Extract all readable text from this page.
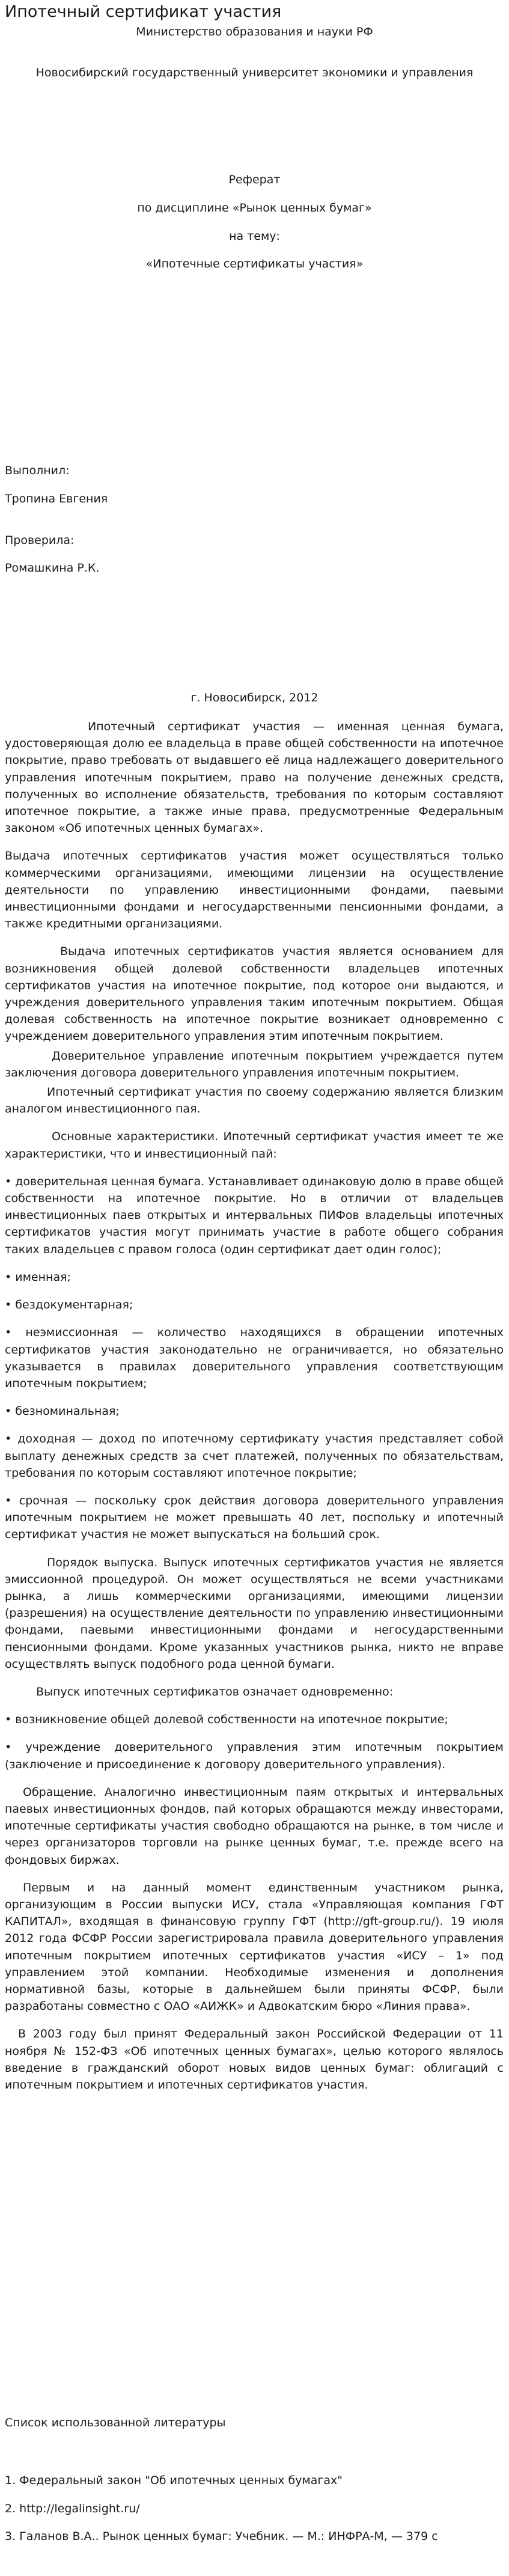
Ипотечный сертификат участия
Министерство образования и науки РФ
Новосибирский государственный университет экономики и управления
Реферат
по дисциплине «Рынок ценных бумаг»
на тему:
«Ипотечные сертификаты участия»
Выполнил:
Тропина Евгения
Проверила:
Ромашкина Р.К.
г. Новосибирск, 2012

Ипотечный сертификат участия — именная ценная бумага, удостоверяющая долю ее владельца в праве общей собственности на ипотечное покрытие, право требовать от выдавшего её лица надлежащего доверительного управления ипотечным покрытием, право на получение денежных средств, полученных во исполнение обязательств, требования по которым составляют ипотечное покрытие, а также иные права, предусмотренные Федеральным законом «Об ипотечных ценных бумагах».

Выдача ипотечных сертификатов участия может осуществляться только коммерческими организациями, имеющими лицензии на осуществление деятельности по управлению инвестиционными фондами, паевыми инвестиционными фондами и негосударственными пенсионными фондами, а также кредитными организациями.

Выдача ипотечных сертификатов участия является основанием для возникновения общей долевой собственности владельцев ипотечных сертификатов участия на ипотечное покрытие, под которое они выдаются, и учреждения доверительного управления таким ипотечным покрытием. Общая долевая собственность на ипотечное покрытие возникает одновременно с учреждением доверительного управления этим ипотечным покрытием.

Доверительное управление ипотечным покрытием учреждается путем заключения договора доверительного управления ипотечным покрытием.

Ипотечный сертификат участия по своему содержанию является близким аналогом инвестиционного пая.

Основные характеристики. Ипотечный сертификат участия имеет те же характеристики, что и инвестиционный пай:

• доверительная ценная бумага. Устанавливает одинаковую долю в праве общей собственности на ипотечное покрытие. Но в отличии от владельцев инвестиционных паев открытых и интервальных ПИФов владельцы ипотечных сертификатов участия могут принимать участие в работе общего собрания таких владельцев с правом голоса (один сертификат дает один голос);

• именная;

• бездокументарная;

• неэмиссионная — количество находящихся в обращении ипотечных сертификатов участия законодательно не ограничивается, но обязательно указывается в правилах доверительного управления соответствующим ипотечным покрытием;

• безноминальная;

• доходная — доход по ипотечному сертификату участия представляет собой выплату денежных средств за счет платежей, полученных по обязательствам, требования по которым составляют ипотечное покрытие;

• срочная — поскольку срок действия договора доверительного управления ипотечным покрытием не может превышать 40 лет, поспольку и ипотечный сертификат участия не может выпускаться на больший срок.

Порядок выпуска. Выпуск ипотечных сертификатов участия не является эмиссионной процедурой. Он может осуществляться не всеми участниками рынка, а лишь коммерческими организациями, имеющими лицензии (разрешения) на осуществление деятельности по управлению инвестиционными фондами, паевыми инвестиционными фондами и негосударственными пенсионными фондами. Кроме указанных участников рынка, никто не вправе осуществлять выпуск подобного рода ценной бумаги.

Выпуск ипотечных сертификатов означает одновременно:

• возникновение общей долевой собственности на ипотечное покрытие;

• учреждение доверительного управления этим ипотечным покрытием (заключение и присоединение к договору доверительного управления).

Обращение. Аналогично инвестиционным паям открытых и интервальных паевых инвестиционных фондов, пай которых обращаются между инвесторами, ипотечные сертификаты участия свободно обращаются на рынке, в том числе и через организаторов торговли на рынке ценных бумаг, т.е. прежде всего на фондовых биржах.

Первым и на данный момент единственным участником рынка, организующим в России выпуски ИСУ, стала «Управляющая компания ГФТ КАПИТАЛ», входящая в финансовую группу ГФТ (http://gft-group.ru/). 19 июля 2012 года ФСФР России зарегистрировала правила доверительного управления ипотечным покрытием ипотечных сертификатов участия «ИСУ – 1» под управлением этой компании. Необходимые изменения и дополнения нормативной базы, которые в дальнейшем были приняты ФСФР, были разработаны совместно с ОАО «АИЖК» и Адвокатским бюро «Линия права».

В 2003 году был принят Федеральный закон Российской Федерации от 11 ноября № 152-ФЗ «Об ипотечных ценных бумагах», целью которого являлось введение в гражданский оборот новых видов ценных бумаг: облигаций с ипотечным покрытием и ипотечных сертификатов участия.

Список использованной литературы
1. Федеральный закон "Об ипотечных ценных бумагах"
2. http://legalinsight.ru/
3. Галанов В.А.. Рынок ценных бумаг: Учебник. — М.: ИНФРА-М, — 379 с
